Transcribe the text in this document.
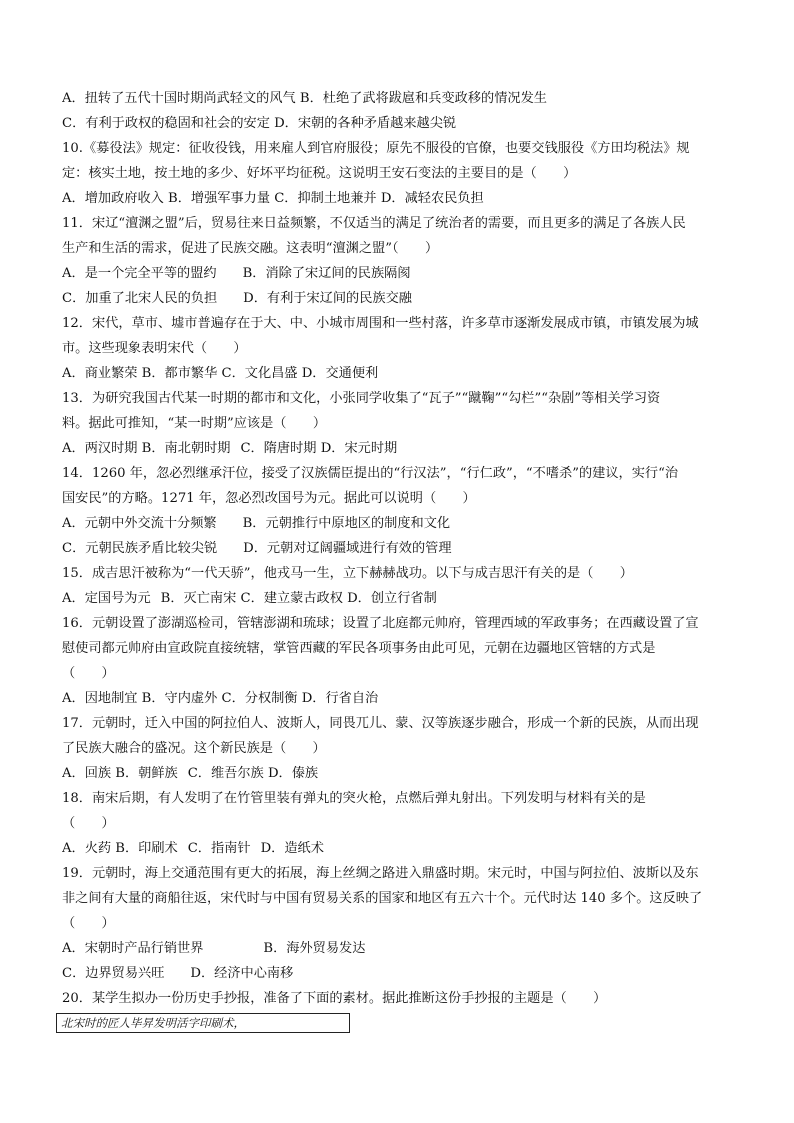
A．扭转了五代十国时期尚武轻文的风气 B．杜绝了武将跋扈和兵变政移的情况发生
C．有利于政权的稳固和社会的安定 D．宋朝的各种矛盾越来越尖锐
10.《募役法》规定：征收役钱，用来雇人到官府服役；原先不服役的官僚，也要交钱服役《方田均税法》规
定：核实土地，按土地的多少、好坏平均征税。这说明王安石变法的主要目的是（　　）
A．增加政府收入 B．增强军事力量 C．抑制土地兼并 D．减轻农民负担
11．宋辽“澶渊之盟”后，贸易往来日益频繁，不仅适当的满足了统治者的需要，而且更多的满足了各族人民
生产和生活的需求，促进了民族交融。这表明“澶渊之盟”（　　）
A．是一个完全平等的盟约 B．消除了宋辽间的民族隔阂
C．加重了北宋人民的负担 D．有利于宋辽间的民族交融
12．宋代，草市、墟市普遍存在于大、中、小城市周围和一些村落，许多草市逐渐发展成市镇，市镇发展为城
市。这些现象表明宋代（　　）
A．商业繁荣 B．都市繁华 C．文化昌盛 D．交通便利
13．为研究我国古代某一时期的都市和文化，小张同学收集了“瓦子”“蹴鞠”“勾栏”“杂剧”等相关学习资
料。据此可推知，“某一时期”应该是（　　）
A．两汉时期 B．南北朝时期 C．隋唐时期 D．宋元时期
14．1260 年，忽必烈继承汗位，接受了汉族儒臣提出的“行汉法”，“行仁政”，“不嗜杀”的建议，实行“治
国安民”的方略。1271 年，忽必烈改国号为元。据此可以说明（　　）
A．元朝中外交流十分频繁 B．元朝推行中原地区的制度和文化
C．元朝民族矛盾比较尖锐 D．元朝对辽阔疆域进行有效的管理
15．成吉思汗被称为“一代天骄”，他戎马一生，立下赫赫战功。以下与成吉思汗有关的是（　　）
A．定国号为元 B．灭亡南宋 C．建立蒙古政权 D．创立行省制
16．元朝设置了澎湖巡检司，管辖澎湖和琉球；设置了北庭都元帅府，管理西域的军政事务；在西藏设置了宣
慰使司都元帅府由宣政院直接统辖，掌管西藏的军民各项事务由此可见，元朝在边疆地区管辖的方式是
（　　）
A．因地制宜 B．守内虚外 C．分权制衡 D．行省自治
17．元朝时，迁入中国的阿拉伯人、波斯人，同畏兀儿、蒙、汉等族逐步融合，形成一个新的民族，从而出现
了民族大融合的盛况。这个新民族是（　　）
A．回族 B．朝鲜族 C．维吾尔族 D．傣族
18．南宋后期，有人发明了在竹管里装有弹丸的突火枪，点燃后弹丸射出。下列发明与材料有关的是
（　　）
A．火药 B．印刷术 C．指南针 D．造纸术
19．元朝时，海上交通范围有更大的拓展，海上丝绸之路进入鼎盛时期。宋元时，中国与阿拉伯、波斯以及东
非之间有大量的商船往返，宋代时与中国有贸易关系的国家和地区有五六十个。元代时达 140 多个。这反映了
（　　）
A．宋朝时产品行销世界	B．海外贸易发达
C．边界贸易兴旺 D．经济中心南移
20．某学生拟办一份历史手抄报，准备了下面的素材。据此推断这份手抄报的主题是（　　）
北宋时的匠人毕昇发明活字印刷术，
